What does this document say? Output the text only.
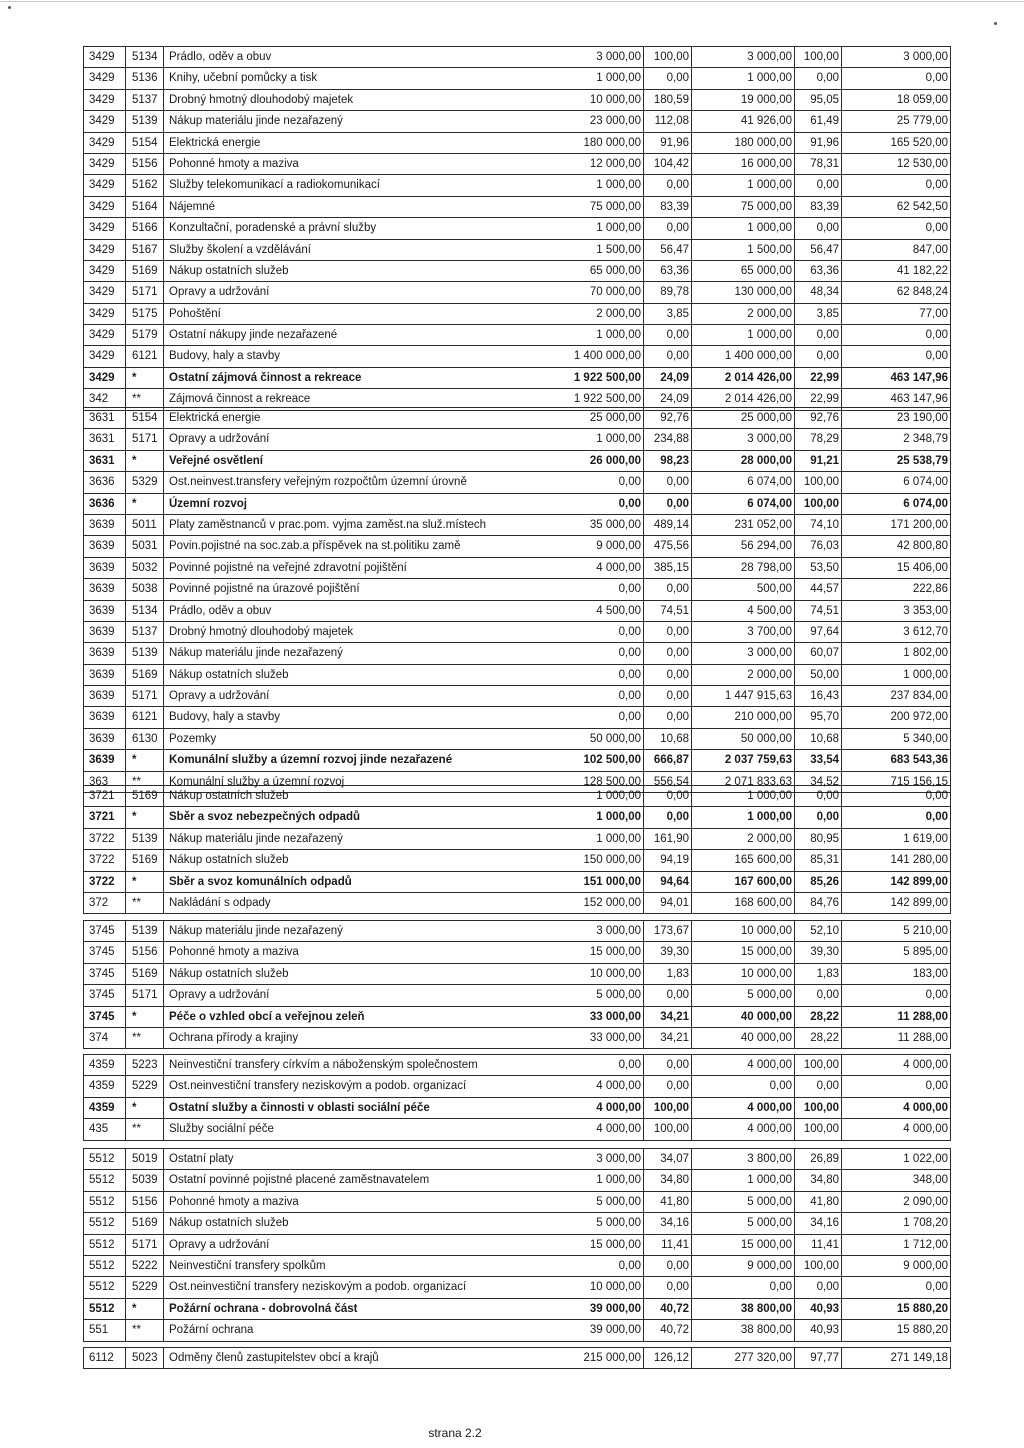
3429	5134 Prádlo, oděv a obuv	3 000,00	100,00	3 000,00	100,00	3 000,00
3429	5136 Knihy, učební pomůcky a tisk	1 000,00	0,00	1 000,00	0,00	0,00
3429	5137 Drobný hmotný dlouhodobý majetek	10 000,00	180,59	19 000,00	95,05	18 059,00
3429	5139 Nákup materiálu jinde nezařazený	23 000,00	112,08	41 926,00	61,49	25 779,00
3429	5154 Elektrická energie	180 000,00	91,96	180 000,00	91,96	165 520,00
3429	5156 Pohonné hmoty a maziva	12 000,00	104,42	16 000,00	78,31	12 530,00
3429	5162 Služby telekomunikací a radiokomunikací	1 000,00	0,00	1 000,00	0,00	0,00
3429	5164 Nájemné	75 000,00	83,39	75 000,00	83,39	62 542,50
3429	5166 Konzultační, poradenské a právní služby	1 000,00	0,00	1 000,00	0,00	0,00
3429	5167 Služby školení a vzdělávání	1 500,00	56,47	1 500,00	56,47	847,00
3429	5169 Nákup ostatních služeb	65 000,00	63,36	65 000,00	63,36	41 182,22
3429	5171 Opravy a udržování	70 000,00	89,78	130 000,00	48,34	62 848,24
3429	5175 Pohoštění	2 000,00	3,85	2 000,00	3,85	77,00
3429	5179 Ostatní nákupy jinde nezařazené	1 000,00	0,00	1 000,00	0,00	0,00
3429	6121 Budovy, haly a stavby	1 400 000,00	0,00	1 400 000,00	0,00	0,00
3429	*	Ostatní zájmová činnost a rekreace	1 922 500,00	24,09	2 014 426,00	22,99	463 147,96
342	**	Zájmová činnost a rekreace	1 922 500,00	24,09	2 014 426,00	22,99	463 147,96
3631	5154 Elektrická energie	25 000,00	92,76	25 000,00	92,76	23 190,00
3631	5171 Opravy a udržování	1 000,00	234,88	3 000,00	78,29	2 348,79
3631	*	Veřejné osvětlení	26 000,00	98,23	28 000,00	91,21	25 538,79
3636	5329 Ost.neinvest.transfery veřejným rozpočtům územní úrovně	0,00	0,00	6 074,00	100,00	6 074,00
3636	*	Územní rozvoj	0,00	0,00	6 074,00	100,00	6 074,00
3639	5011	Platy zaměstnanců v prac.pom. vyjma zaměst.na služ.místech	35 000,00	489,14	231 052,00	74,10	171 200,00
3639	5031 Povin.pojistné na soc.zab.a příspěvek na st.politiku zamě	9 000,00	475,56	56 294,00	76,03	42 800,80
3639	5032 Povinné pojistné na veřejné zdravotní pojištění	4 000,00	385,15	28 798,00	53,50	15 406,00
3639	5038 Povinné pojistné na úrazové pojištění	0,00	0,00	500,00	44,57	222,86
3639	5134 Prádlo, oděv a obuv	4 500,00	74,51	4 500,00	74,51	3 353,00
3639	5137 Drobný hmotný dlouhodobý majetek	0,00	0,00	3 700,00	97,64	3 612,70
3639	5139 Nákup materiálu jinde nezařazený	0,00	0,00	3 000,00	60,07	1 802,00
3639	5169 Nákup ostatních služeb	0,00	0,00	2 000,00	50,00	1 000,00
3639	5171 Opravy a udržování	0,00	0,00	1 447 915,63	16,43	237 834,00
3639	6121 Budovy, haly a stavby	0,00	0,00	210 000,00	95,70	200 972,00
3639	6130 Pozemky	50 000,00	10,68	50 000,00	10,68	5 340,00
3639	*	Komunální služby a územní rozvoj jinde nezařazené	102 500,00	666,87	2 037 759,63	33,54	683 543,36
363	**	Komunální služby a územní rozvoj	128 500,00	556,54	2 071 833,63	34,52	715 156,15
3721	5169 Nákup ostatních služeb	1 000,00	0,00	1 000,00	0,00	0,00
3721	*	Sběr a svoz nebezpečných odpadů	1 000,00	0,00	1 000,00	0,00	0,00
3722	5139 Nákup materiálu jinde nezařazený	1 000,00	161,90	2 000,00	80,95	1 619,00
3722	5169 Nákup ostatních služeb	150 000,00	94,19	165 600,00	85,31	141 280,00
3722	*	Sběr a svoz komunálních odpadů	151 000,00	94,64	167 600,00	85,26	142 899,00
372	**	Nakládání s odpady	152 000,00	94,01	168 600,00	84,76	142 899,00
3745	5139 Nákup materiálu jinde nezařazený	3 000,00	173,67	10 000,00	52,10	5 210,00
3745	5156 Pohonné hmoty a maziva	15 000,00	39,30	15 000,00	39,30	5 895,00
3745	5169 Nákup ostatních služeb	10 000,00	1,83	10 000,00	1,83	183,00
3745	5171 Opravy a udržování	5 000,00	0,00	5 000,00	0,00	0,00
3745	*	Péče o vzhled obcí a veřejnou zeleň	33 000,00	34,21	40 000,00	28,22	11 288,00
374	**	Ochrana přírody a krajiny	33 000,00	34,21	40 000,00	28,22	11 288,00
4359	5223 Neinvestiční transfery církvím a náboženským společnostem	0,00	0,00	4 000,00	100,00	4 000,00
4359	5229 Ost.neinvestiční transfery neziskovým a podob. organizací	4 000,00	0,00	0,00	0,00	0,00
4359	*	Ostatní služby a činnosti v oblasti sociální péče	4 000,00	100,00	4 000,00	100,00	4 000,00
435	**	Služby sociální péče	4 000,00	100,00	4 000,00	100,00	4 000,00
5512	5019 Ostatní platy	3 000,00	34,07	3 800,00	26,89	1 022,00
5512	5039 Ostatní povinné pojistné placené zaměstnavatelem	1 000,00	34,80	1 000,00	34,80	348,00
5512	5156 Pohonné hmoty a maziva	5 000,00	41,80	5 000,00	41,80	2 090,00
5512	5169 Nákup ostatních služeb	5 000,00	34,16	5 000,00	34,16	1 708,20
5512	5171 Opravy a udržování	15 000,00	11,41	15 000,00	11,41	1 712,00
5512	5222 Neinvestiční transfery spolkům	0,00	0,00	9 000,00	100,00	9 000,00
5512	5229 Ost.neinvestiční transfery neziskovým a podob. organizací	10 000,00	0,00	0,00	0,00	0,00
5512	*	Požární ochrana - dobrovolná část	39 000,00	40,72	38 800,00	40,93	15 880,20
551	**	Požární ochrana	39 000,00	40,72	38 800,00	40,93	15 880,20
6112	5023 Odměny členů zastupitelstev obcí a krajů	215 000,00	126,12	277 320,00	97,77	271 149,18
strana 2.2
